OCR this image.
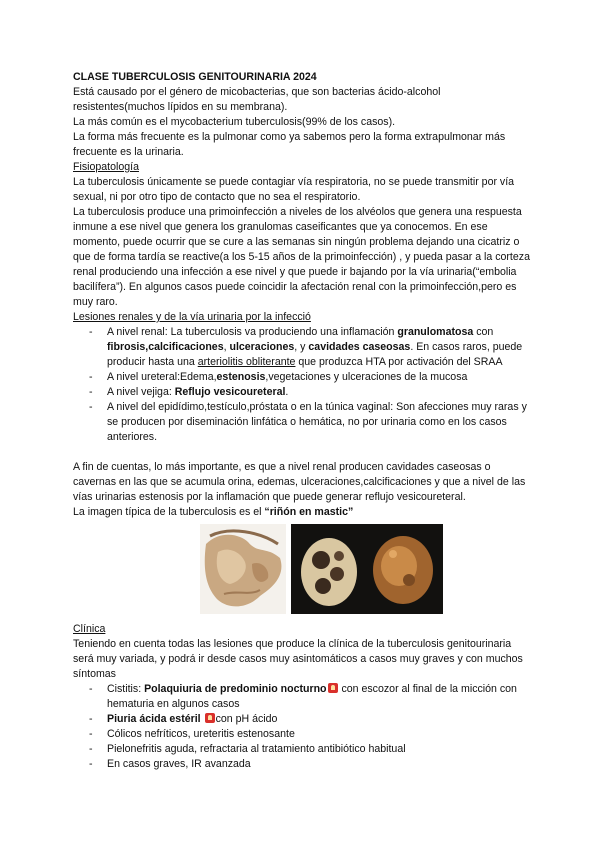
CLASE TUBERCULOSIS GENITOURINARIA 2024

Está causado por el género de micobacterias, que son bacterias ácido-alcohol resistentes(muchos lípidos en su membrana).

La más común es el mycobacterium tuberculosis(99% de los casos).

La forma más frecuente es la pulmonar como ya sabemos pero la forma extrapulmonar más frecuente es la urinaria.

Fisiopatología

La tuberculosis únicamente se puede contagiar vía respiratoria, no se puede transmitir por vía sexual, ni por otro tipo de contacto que no sea el respiratorio.

La tuberculosis produce una primoinfección a niveles de los alvéolos que genera una respuesta inmune a ese nivel que genera los granulomas caseificantes que ya conocemos. En ese momento, puede ocurrir que se cure a las semanas sin ningún problema dejando una cicatriz o que de forma tardía se reactive(a los 5-15 años de la primoinfección) , y pueda pasar a la corteza renal produciendo una infección a ese nivel y que puede ir bajando por la vía urinaria(“embolia bacilífera”). En algunos casos puede coincidir la afectación renal con la primoinfección,pero es muy raro.

Lesiones renales y de la vía urinaria por la infecció

- A nivel renal: La tuberculosis va produciendo una inflamación granulomatosa con fibrosis,calcificaciones, ulceraciones, y cavidades caseosas. En casos raros, puede producir hasta una arteriolitis obliterante que produzca HTA por activación del SRAA
- A nivel ureteral:Edema,estenosis,vegetaciones y ulceraciones de la mucosa
- A nivel vejiga: Reflujo vesicoureteral.
- A nivel del epidídimo,testículo,próstata o en la túnica vaginal: Son afecciones muy raras y se producen por diseminación linfática o hemática, no por urinaria como en los casos anteriores.

A fin de cuentas, lo más importante, es que a nivel renal producen cavidades caseosas o cavernas en las que se acumula orina, edemas, ulceraciones,calcificaciones y que a nivel de las vías urinarias estenosis por la inflamación que puede generar reflujo vesicoureteral.

La imagen típica de la tuberculosis es el “riñón en mastic”

Clínica

Teniendo en cuenta todas las lesiones que produce la clínica de la tuberculosis genitourinaria será muy variada, y podrá ir desde casos muy asintomáticos a casos muy graves y con muchos síntomas

- Cistitis: Polaquiuria de predominio nocturno con escozor al final de la micción con hematuria en algunos casos
- Piuria ácida estéril con pH ácido
- Cólicos nefríticos, ureteritis estenosante
- Pielonefritis aguda, refractaria al tratamiento antibiótico habitual
- En casos graves, IR avanzada
